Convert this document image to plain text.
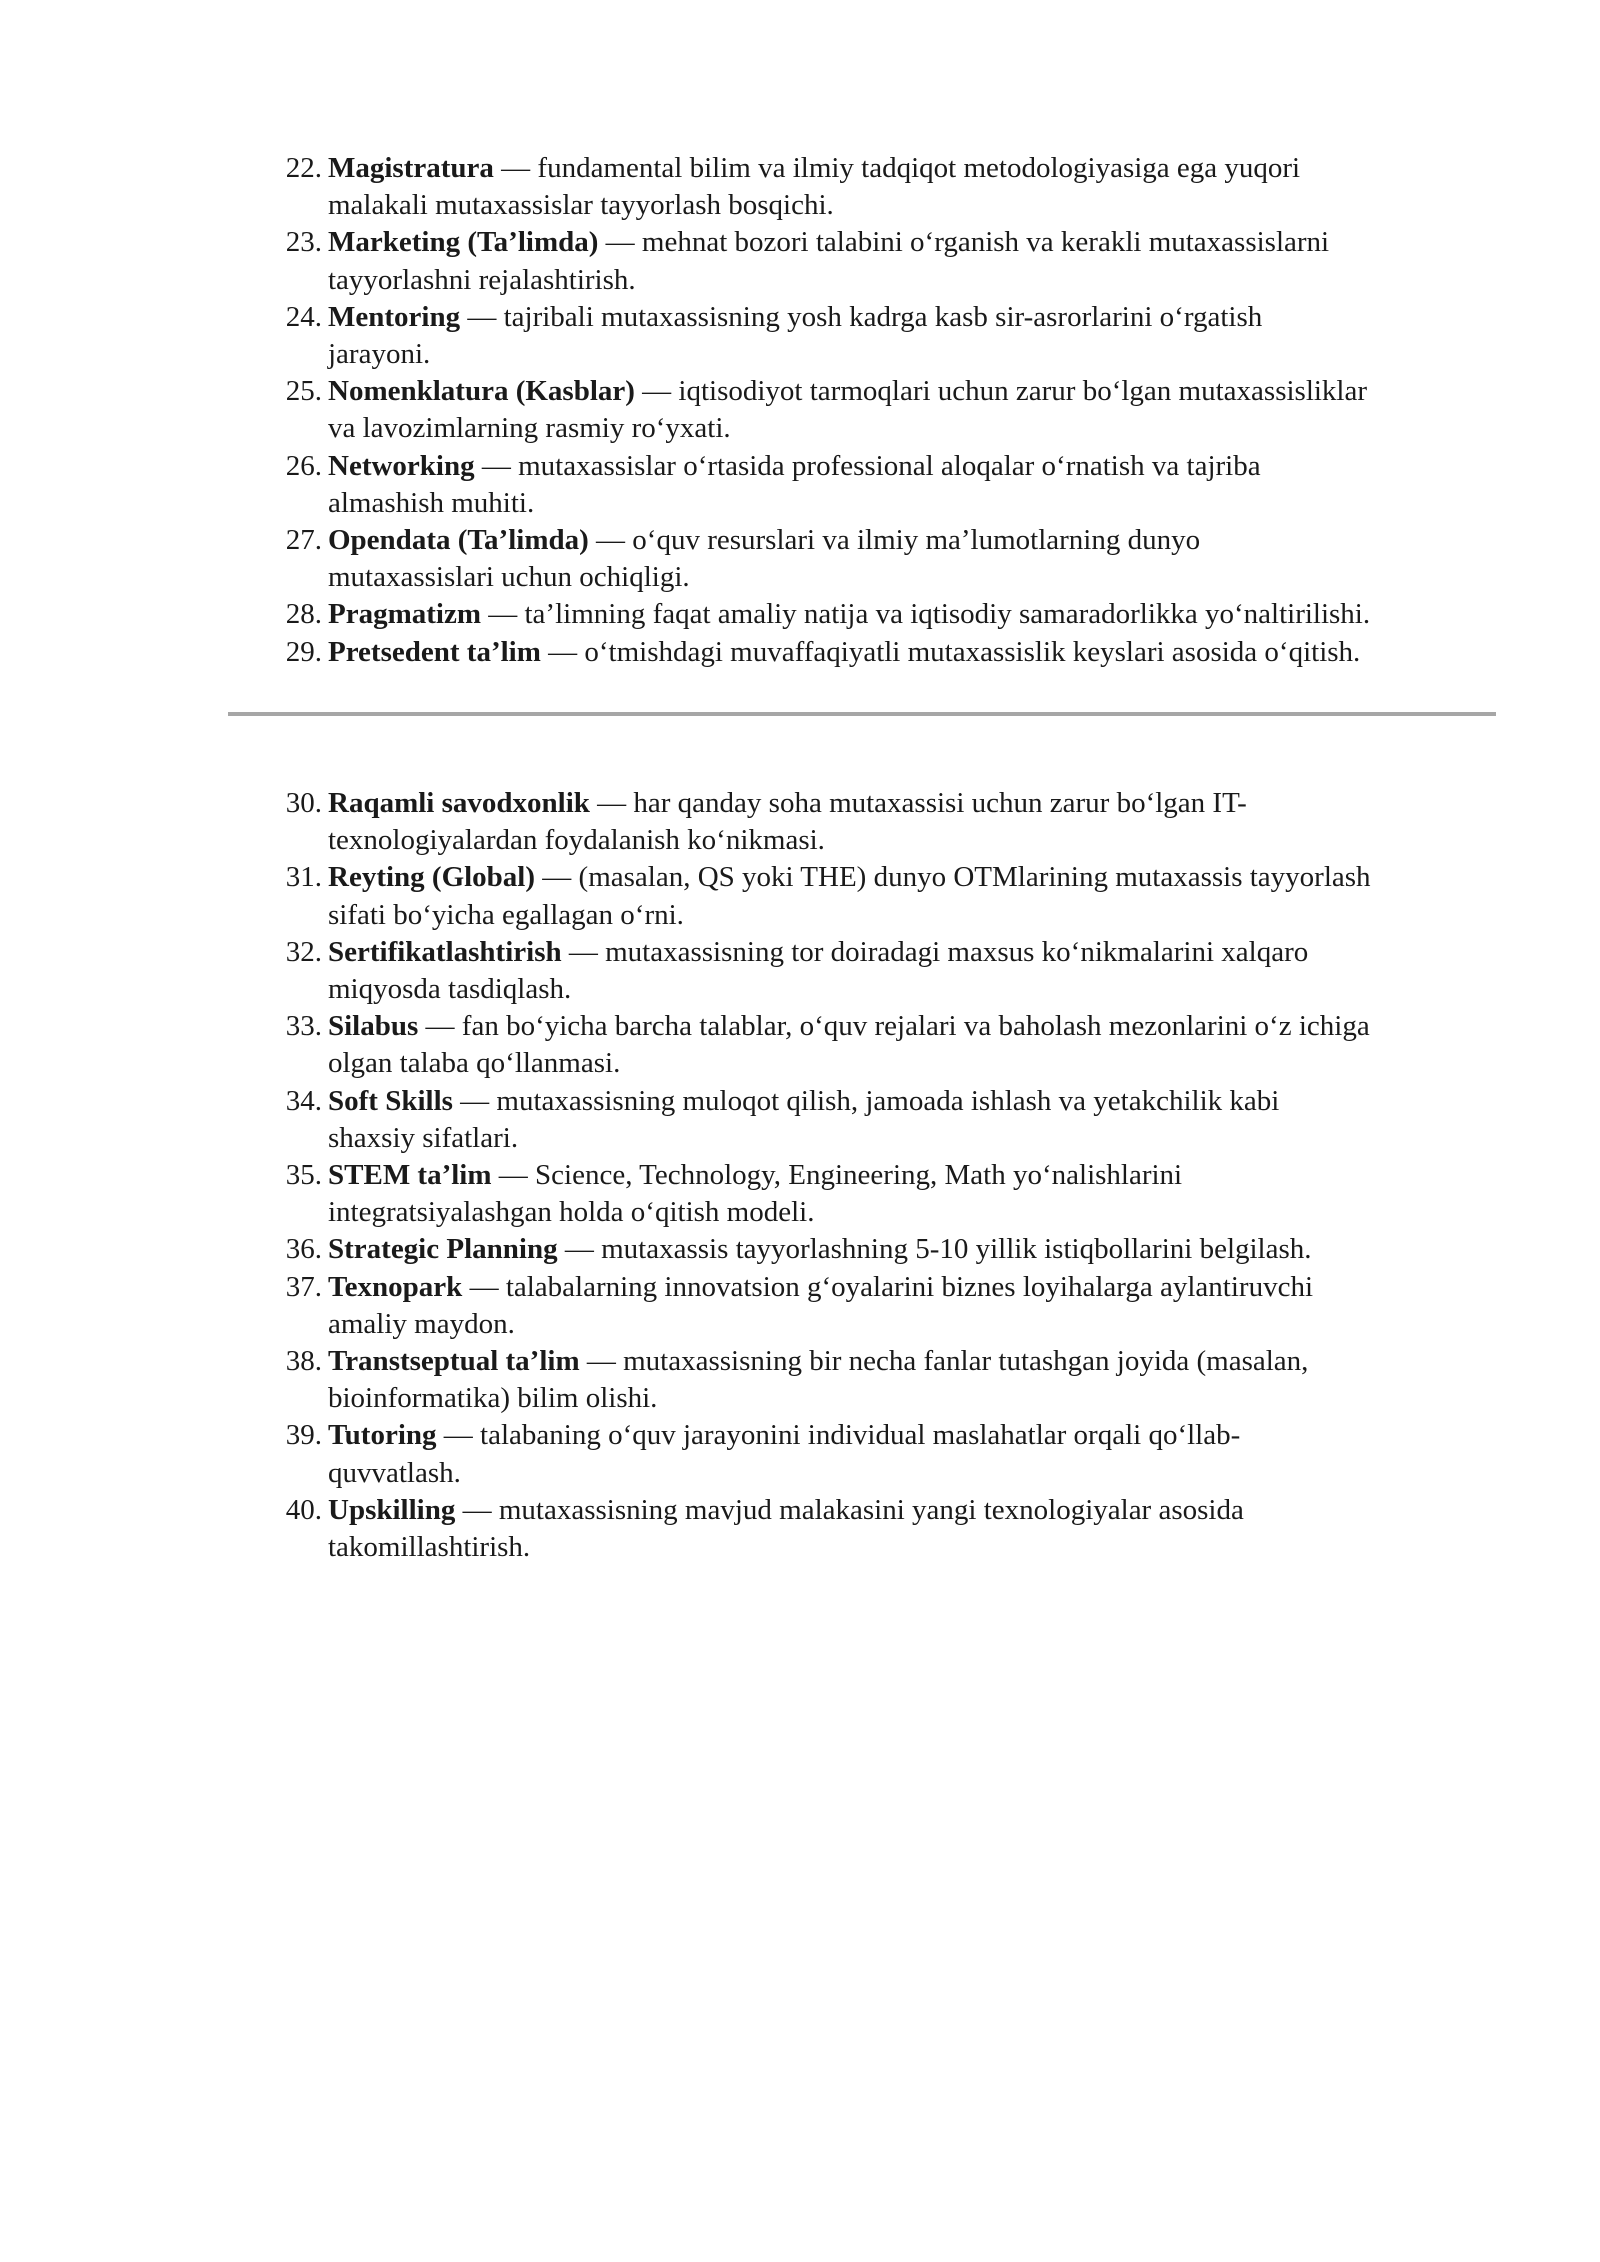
22. Magistratura — fundamental bilim va ilmiy tadqiqot metodologiyasiga ega yuqori
malakali mutaxassislar tayyorlash bosqichi.
23. Marketing (Ta’limda) — mehnat bozori talabini oʻrganish va kerakli mutaxassislarni
tayyorlashni rejalashtirish.
24. Mentoring — tajribali mutaxassisning yosh kadrga kasb sir-asrorlarini oʻrgatish
jarayoni.
25. Nomenklatura (Kasblar) — iqtisodiyot tarmoqlari uchun zarur boʻlgan mutaxassisliklar
va lavozimlarning rasmiy roʻyxati.
26. Networking — mutaxassislar oʻrtasida professional aloqalar oʻrnatish va tajriba
almashish muhiti.
27. Opendata (Ta’limda) — oʻquv resurslari va ilmiy ma’lumotlarning dunyo
mutaxassislari uchun ochiqligi.
28. Pragmatizm — ta’limning faqat amaliy natija va iqtisodiy samaradorlikka yoʻnaltirilishi.
29. Pretsedent ta’lim — oʻtmishdagi muvaffaqiyatli mutaxassislik keyslari asosida oʻqitish.
30. Raqamli savodxonlik — har qanday soha mutaxassisi uchun zarur boʻlgan IT-
texnologiyalardan foydalanish koʻnikmasi.
31. Reyting (Global) — (masalan, QS yoki THE) dunyo OTMlarining mutaxassis tayyorlash
sifati boʻyicha egallagan oʻrni.
32. Sertifikatlashtirish — mutaxassisning tor doiradagi maxsus koʻnikmalarini xalqaro
miqyosda tasdiqlash.
33. Silabus — fan boʻyicha barcha talablar, oʻquv rejalari va baholash mezonlarini oʻz ichiga
olgan talaba qoʻllanmasi.
34. Soft Skills — mutaxassisning muloqot qilish, jamoada ishlash va yetakchilik kabi
shaxsiy sifatlari.
35. STEM ta’lim — Science, Technology, Engineering, Math yoʻnalishlarini
integratsiyalashgan holda oʻqitish modeli.
36. Strategic Planning — mutaxassis tayyorlashning 5-10 yillik istiqbollarini belgilash.
37. Texnopark — talabalarning innovatsion gʻoyalarini biznes loyihalarga aylantiruvchi
amaliy maydon.
38. Transtseptual ta’lim — mutaxassisning bir necha fanlar tutashgan joyida (masalan,
bioinformatika) bilim olishi.
39. Tutoring — talabaning oʻquv jarayonini individual maslahatlar orqali qoʻllab-
quvvatlash.
40. Upskilling — mutaxassisning mavjud malakasini yangi texnologiyalar asosida
takomillashtirish.
